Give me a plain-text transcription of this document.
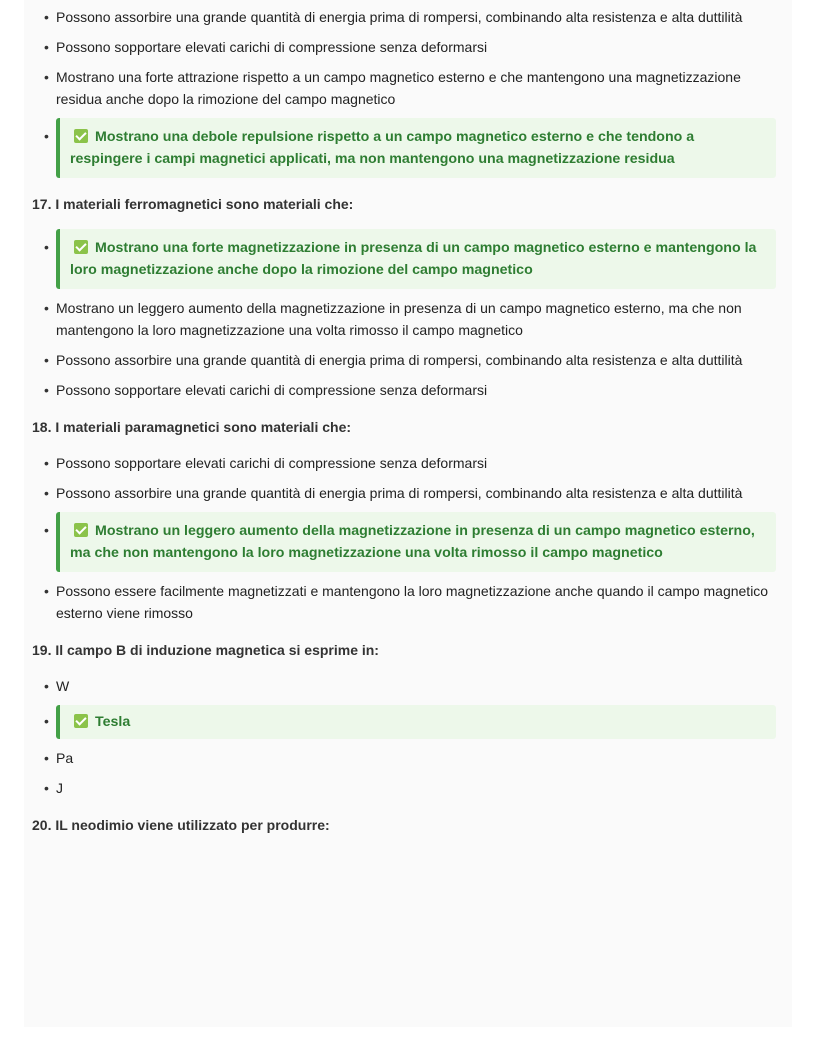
• Possono assorbire una grande quantità di energia prima di rompersi, combinando alta resistenza e alta duttilità
• Possono sopportare elevati carichi di compressione senza deformarsi
• Mostrano una forte attrazione rispetto a un campo magnetico esterno e che mantengono una magnetizzazione residua anche dopo la rimozione del campo magnetico
•	Mostrano una debole repulsione rispetto a un campo magnetico esterno e che tendono a respingere i campi magnetici applicati, ma non mantengono una magnetizzazione residua
17. I materiali ferromagnetici sono materiali che:
•	Mostrano una forte magnetizzazione in presenza di un campo magnetico esterno e mantengono la loro magnetizzazione anche dopo la rimozione del campo magnetico
• Mostrano un leggero aumento della magnetizzazione in presenza di un campo magnetico esterno, ma che non mantengono la loro magnetizzazione una volta rimosso il campo magnetico
• Possono assorbire una grande quantità di energia prima di rompersi, combinando alta resistenza e alta duttilità
• Possono sopportare elevati carichi di compressione senza deformarsi
18. I materiali paramagnetici sono materiali che:
• Possono sopportare elevati carichi di compressione senza deformarsi
• Possono assorbire una grande quantità di energia prima di rompersi, combinando alta resistenza e alta duttilità
•	Mostrano un leggero aumento della magnetizzazione in presenza di un campo magnetico esterno, ma che non mantengono la loro magnetizzazione una volta rimosso il campo magnetico
• Possono essere facilmente magnetizzati e mantengono la loro magnetizzazione anche quando il campo magnetico esterno viene rimosso
19. Il campo B di induzione magnetica si esprime in:
• W
•	Tesla
• Pa
• J
20. IL neodimio viene utilizzato per produrre:
